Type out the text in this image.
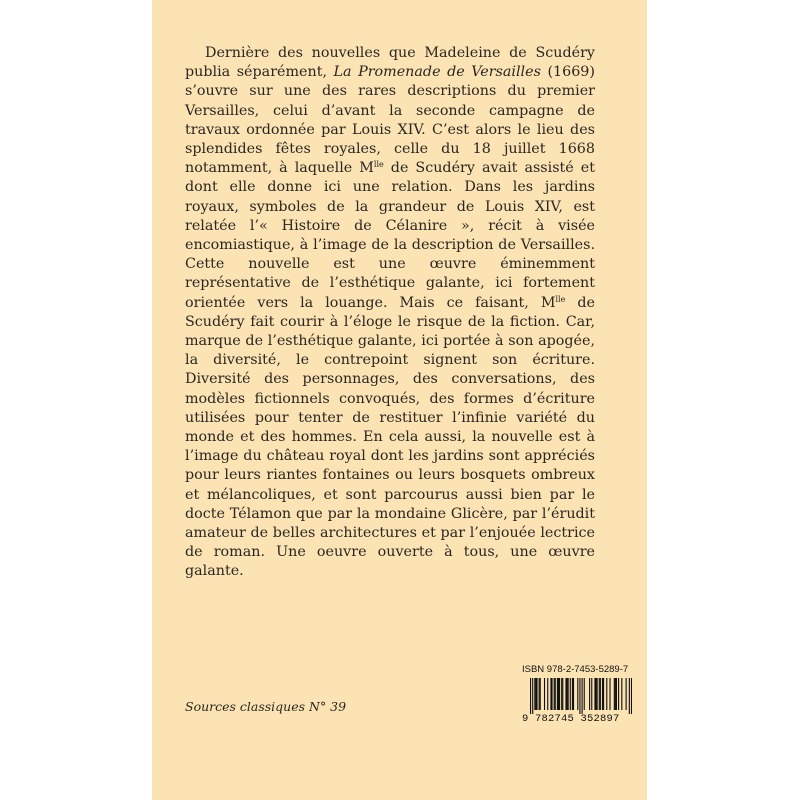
Dernière des nouvelles que Madeleine de Scudéry publia séparément, La Promenade de Versailles (1669) s’ouvre sur une des rares descriptions du premier Versailles, celui d’avant la seconde campagne de travaux ordonnée par Louis XIV. C’est alors le lieu des splendides fêtes royales, celle du 18 juillet 1668 notamment, à laquelle $M^{lle}$ de Scudéry avait assisté et dont elle donne ici une relation. Dans les jardins royaux, symboles de la grandeur de Louis XIV, est relatée l’« Histoire de Célanire », récit à visée encomiastique, à l’image de la description de Versailles. Cette nouvelle est une œuvre éminemment représentative de l’esthétique galante, ici fortement orientée vers la louange. Mais ce faisant, $M^{lle}$ de Scudéry fait courir à l’éloge le risque de la fiction. Car, marque de l’esthétique galante, ici portée à son apogée, la diversité, le contrepoint signent son écriture. Diversité des personnages, des conversations, des modèles fictionnels convoqués, des formes d’écriture utilisées pour tenter de restituer l’infinie variété du monde et des hommes. En cela aussi, la nouvelle est à l’image du château royal dont les jardins sont appréciés pour leurs riantes fontaines ou leurs bosquets ombreux et mélancoliques, et sont parcourus aussi bien par le docte Télamon que par la mondaine Glicère, par l’érudit amateur de belles architectures et par l’enjouée lectrice de roman. Une oeuvre ouverte à tous, une œuvre galante.

Sources classiques N° 39

ISBN 978-2-7453-5289-7
9 782745 352897
